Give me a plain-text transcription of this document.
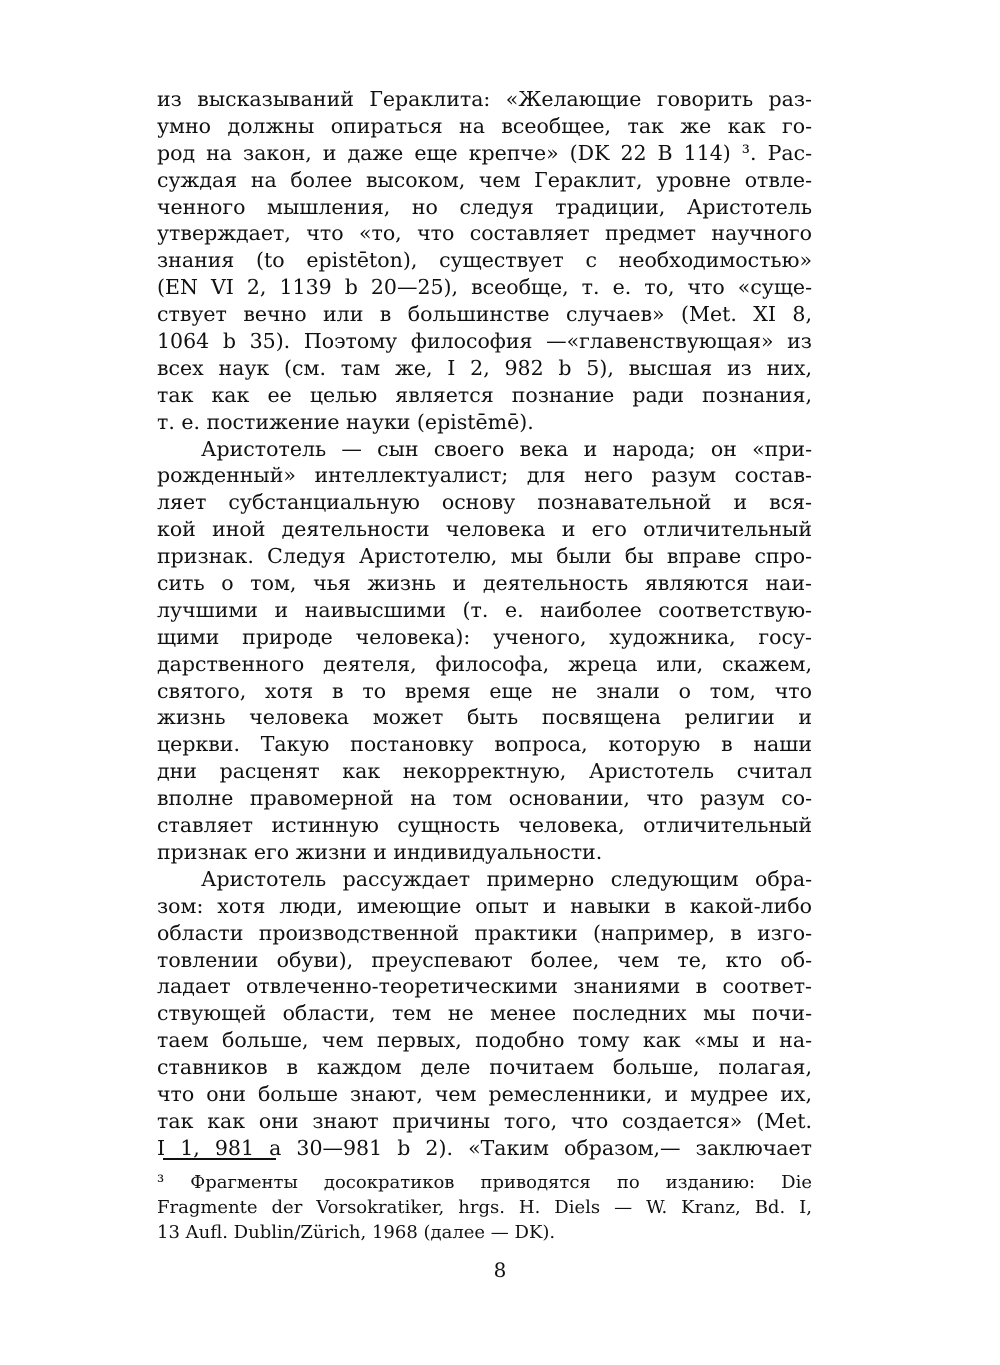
из высказываний Гераклита: «Желающие говорить раз-
умно должны опираться на всеобщее, так же как го-
род на закон, и даже еще крепче» (DK 22 B 114) ³. Рас-
суждая на более высоком, чем Гераклит, уровне отвле-
ченного мышления, но следуя традиции, Аристотель
утверждает, что «то, что составляет предмет научного
знания (to epistēton), существует с необходимостью»
(EN VI 2, 1139 b 20—25), всеобще, т. е. то, что «суще-
ствует вечно или в большинстве случаев» (Met. XI 8,
1064 b 35). Поэтому философия —«главенствующая» из
всех наук (см. там же, I 2, 982 b 5), высшая из них,
так как ее целью является познание ради познания,
т. е. постижение науки (epistēmē).
Аристотель — сын своего века и народа; он «при-
рожденный» интеллектуалист; для него разум состав-
ляет субстанциальную основу познавательной и вся-
кой иной деятельности человека и его отличительный
признак. Следуя Аристотелю, мы были бы вправе спро-
сить о том, чья жизнь и деятельность являются наи-
лучшими и наивысшими (т. е. наиболее соответствую-
щими природе человека): ученого, художника, госу-
дарственного деятеля, философа, жреца или, скажем,
святого, хотя в то время еще не знали о том, что
жизнь человека может быть посвящена религии и
церкви. Такую постановку вопроса, которую в наши
дни расценят как некорректную, Аристотель считал
вполне правомерной на том основании, что разум со-
ставляет истинную сущность человека, отличительный
признак его жизни и индивидуальности.
Аристотель рассуждает примерно следующим обра-
зом: хотя люди, имеющие опыт и навыки в какой-либо
области производственной практики (например, в изго-
товлении обуви), преуспевают более, чем те, кто об-
ладает отвлеченно-теоретическими знаниями в соответ-
ствующей области, тем не менее последних мы почи-
таем больше, чем первых, подобно тому как «мы и на-
ставников в каждом деле почитаем больше, полагая,
что они больше знают, чем ремесленники, и мудрее их,
так как они знают причины того, что создается» (Met.
I 1, 981 a 30—981 b 2). «Таким образом,— заключает
³ Фрагменты досократиков приводятся по изданию: Die
Fragmente der Vorsokratiker, hrgs. H. Diels — W. Kranz, Bd. I,
13 Aufl. Dublin/Zürich, 1968 (далее — DK).
8
